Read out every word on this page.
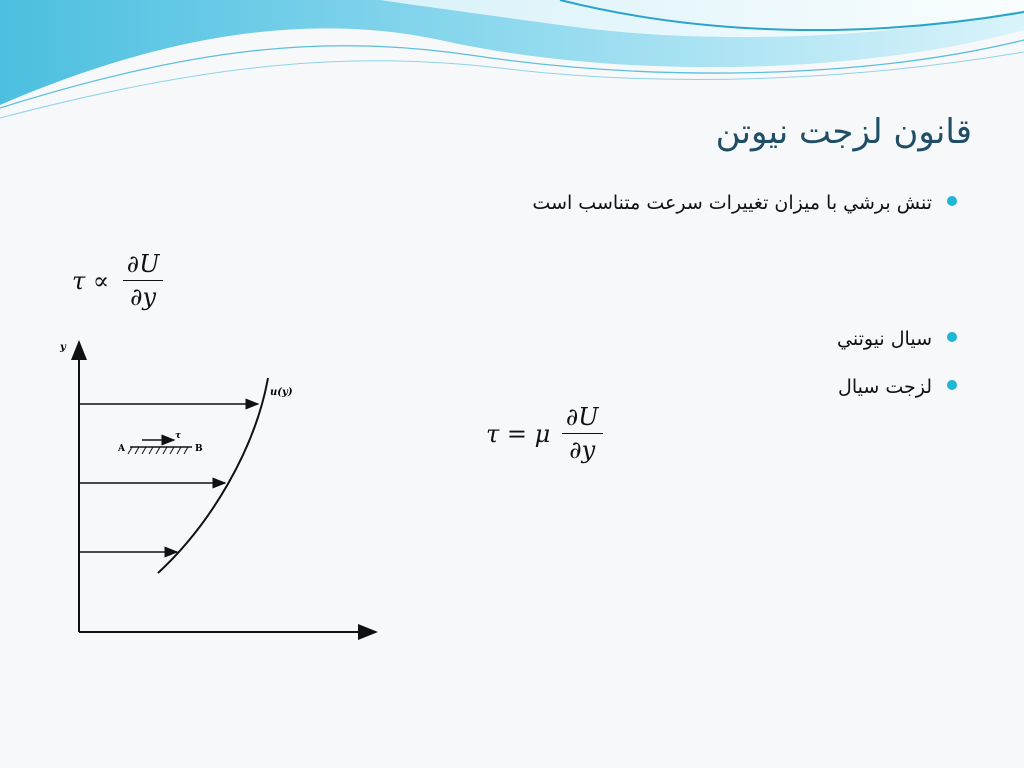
قانون لزجت نيوتن
تنش برشي با ميزان تغييرات سرعت متناسب است
سيال نيوتني
لزجت سيال
$\tau \propto \frac{\partial U}{\partial y}$
τ = μ $\frac{\partial U}{\partial y}$
y
u(y)
A	B
τ
